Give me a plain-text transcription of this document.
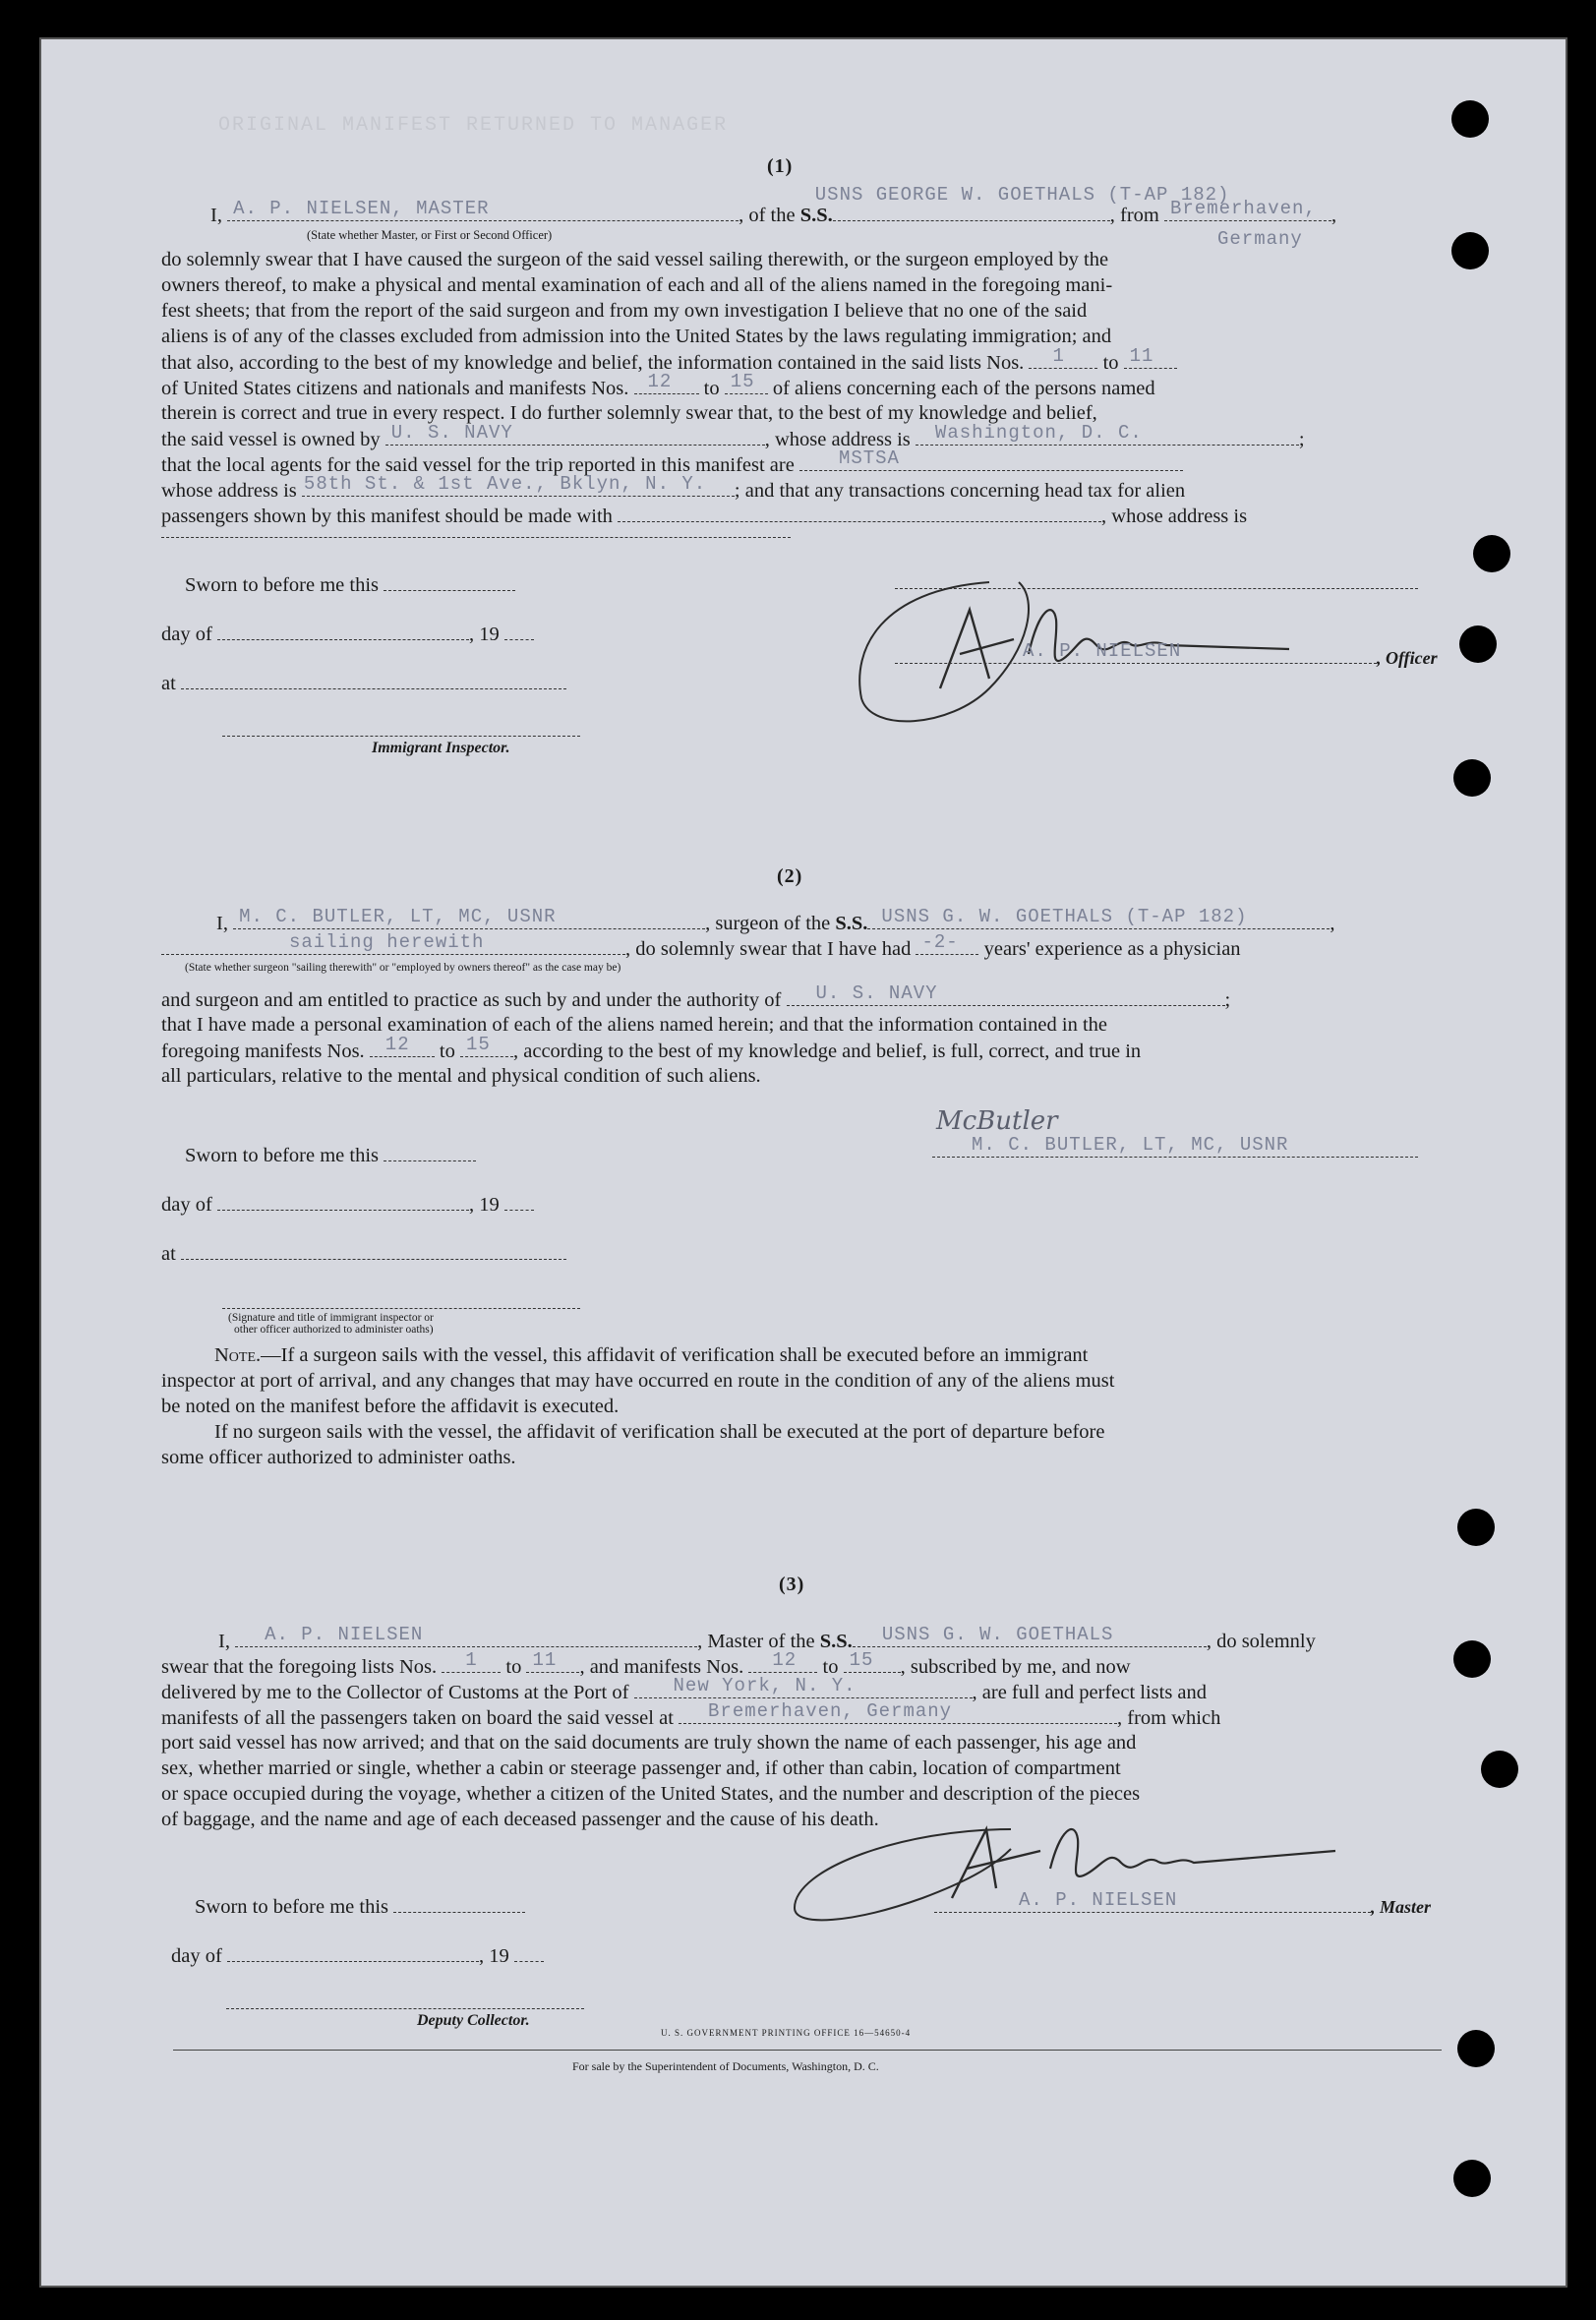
ORIGINAL MANIFEST RETURNED TO MANAGER
(1)
I, A. P. NIELSEN, MASTER	, of the S.S.
USNS GEORGE W. GOETHALS (T-AP 182)
, from Bremerhaven, ,
Germany
(State whether Master, or First or Second Officer)
do solemnly swear that I have caused the surgeon of the said vessel sailing therewith, or the surgeon employed by the
owners thereof, to make a physical and mental examination of each and all of the aliens named in the foregoing mani-
fest sheets; that from the report of the said surgeon and from my own investigation I believe that no one of the said
aliens is of any of the classes excluded from admission into the United States by the laws regulating immigration; and
that also, according to the best of my knowledge and belief, the information contained in the said lists Nos. 1 to 11
of United States citizens and nationals and manifests Nos. 12 to 15 of aliens concerning each of the persons named
therein is correct and true in every respect. I do further solemnly swear that, to the best of my knowledge and belief,
the said vessel is owned by U. S. NAVY	, whose address is Washington, D. C.	;
that the local agents for the said vessel for the trip reported in this manifest are MSTSA
whose address is 58th St. & 1st Ave., Bklyn, N. Y. ; and that any transactions concerning head tax for alien
passengers shown by this manifest should be made with	, whose address is
Sworn to before me this
day of	, 19
at
Immigrant Inspector.
A. P. NIELSEN	, Officer
(2)
I, M. C. BUTLER, LT, MC, USNR	, surgeon of the S.S. USNS G. W. GOETHALS (T-AP 182)	,
sailing herewith	, do solemnly swear that I have had -2- years' experience as a physician
(State whether surgeon "sailing therewith" or "employed by owners thereof" as the case may be)
and surgeon and am entitled to practice as such by and under the authority of U. S. NAVY	;
that I have made a personal examination of each of the aliens named herein; and that the information contained in the
foregoing manifests Nos. 12 to 15 , according to the best of my knowledge and belief, is full, correct, and true in
all particulars, relative to the mental and physical condition of such aliens.
McButler
M. C. BUTLER, LT, MC, USNR
Sworn to before me this
day of	, 19
at
(Signature and title of immigrant inspector or
other officer authorized to administer oaths)
Note.—If a surgeon sails with the vessel, this affidavit of verification shall be executed before an immigrant
inspector at port of arrival, and any changes that may have occurred en route in the condition of any of the aliens must
be noted on the manifest before the affidavit is executed.
If no surgeon sails with the vessel, the affidavit of verification shall be executed at the port of departure before
some officer authorized to administer oaths.
(3)
I, A. P. NIELSEN	, Master of the S.S. USNS G. W. GOETHALS	, do solemnly
swear that the foregoing lists Nos. 1 to 11 , and manifests Nos. 12 to 15 , subscribed by me, and now
delivered by me to the Collector of Customs at the Port of New York, N. Y.	, are full and perfect lists and
manifests of all the passengers taken on board the said vessel at Bremerhaven, Germany	, from which
port said vessel has now arrived; and that on the said documents are truly shown the name of each passenger, his age and
sex, whether married or single, whether a cabin or steerage passenger and, if other than cabin, location of compartment
or space occupied during the voyage, whether a citizen of the United States, and the number and description of the pieces
of baggage, and the name and age of each deceased passenger and the cause of his death.
A. P. NIELSEN	, Master
Sworn to before me this
day of	, 19
Deputy Collector.
U. S. GOVERNMENT PRINTING OFFICE 16—54650-4
For sale by the Superintendent of Documents, Washington, D. C.
